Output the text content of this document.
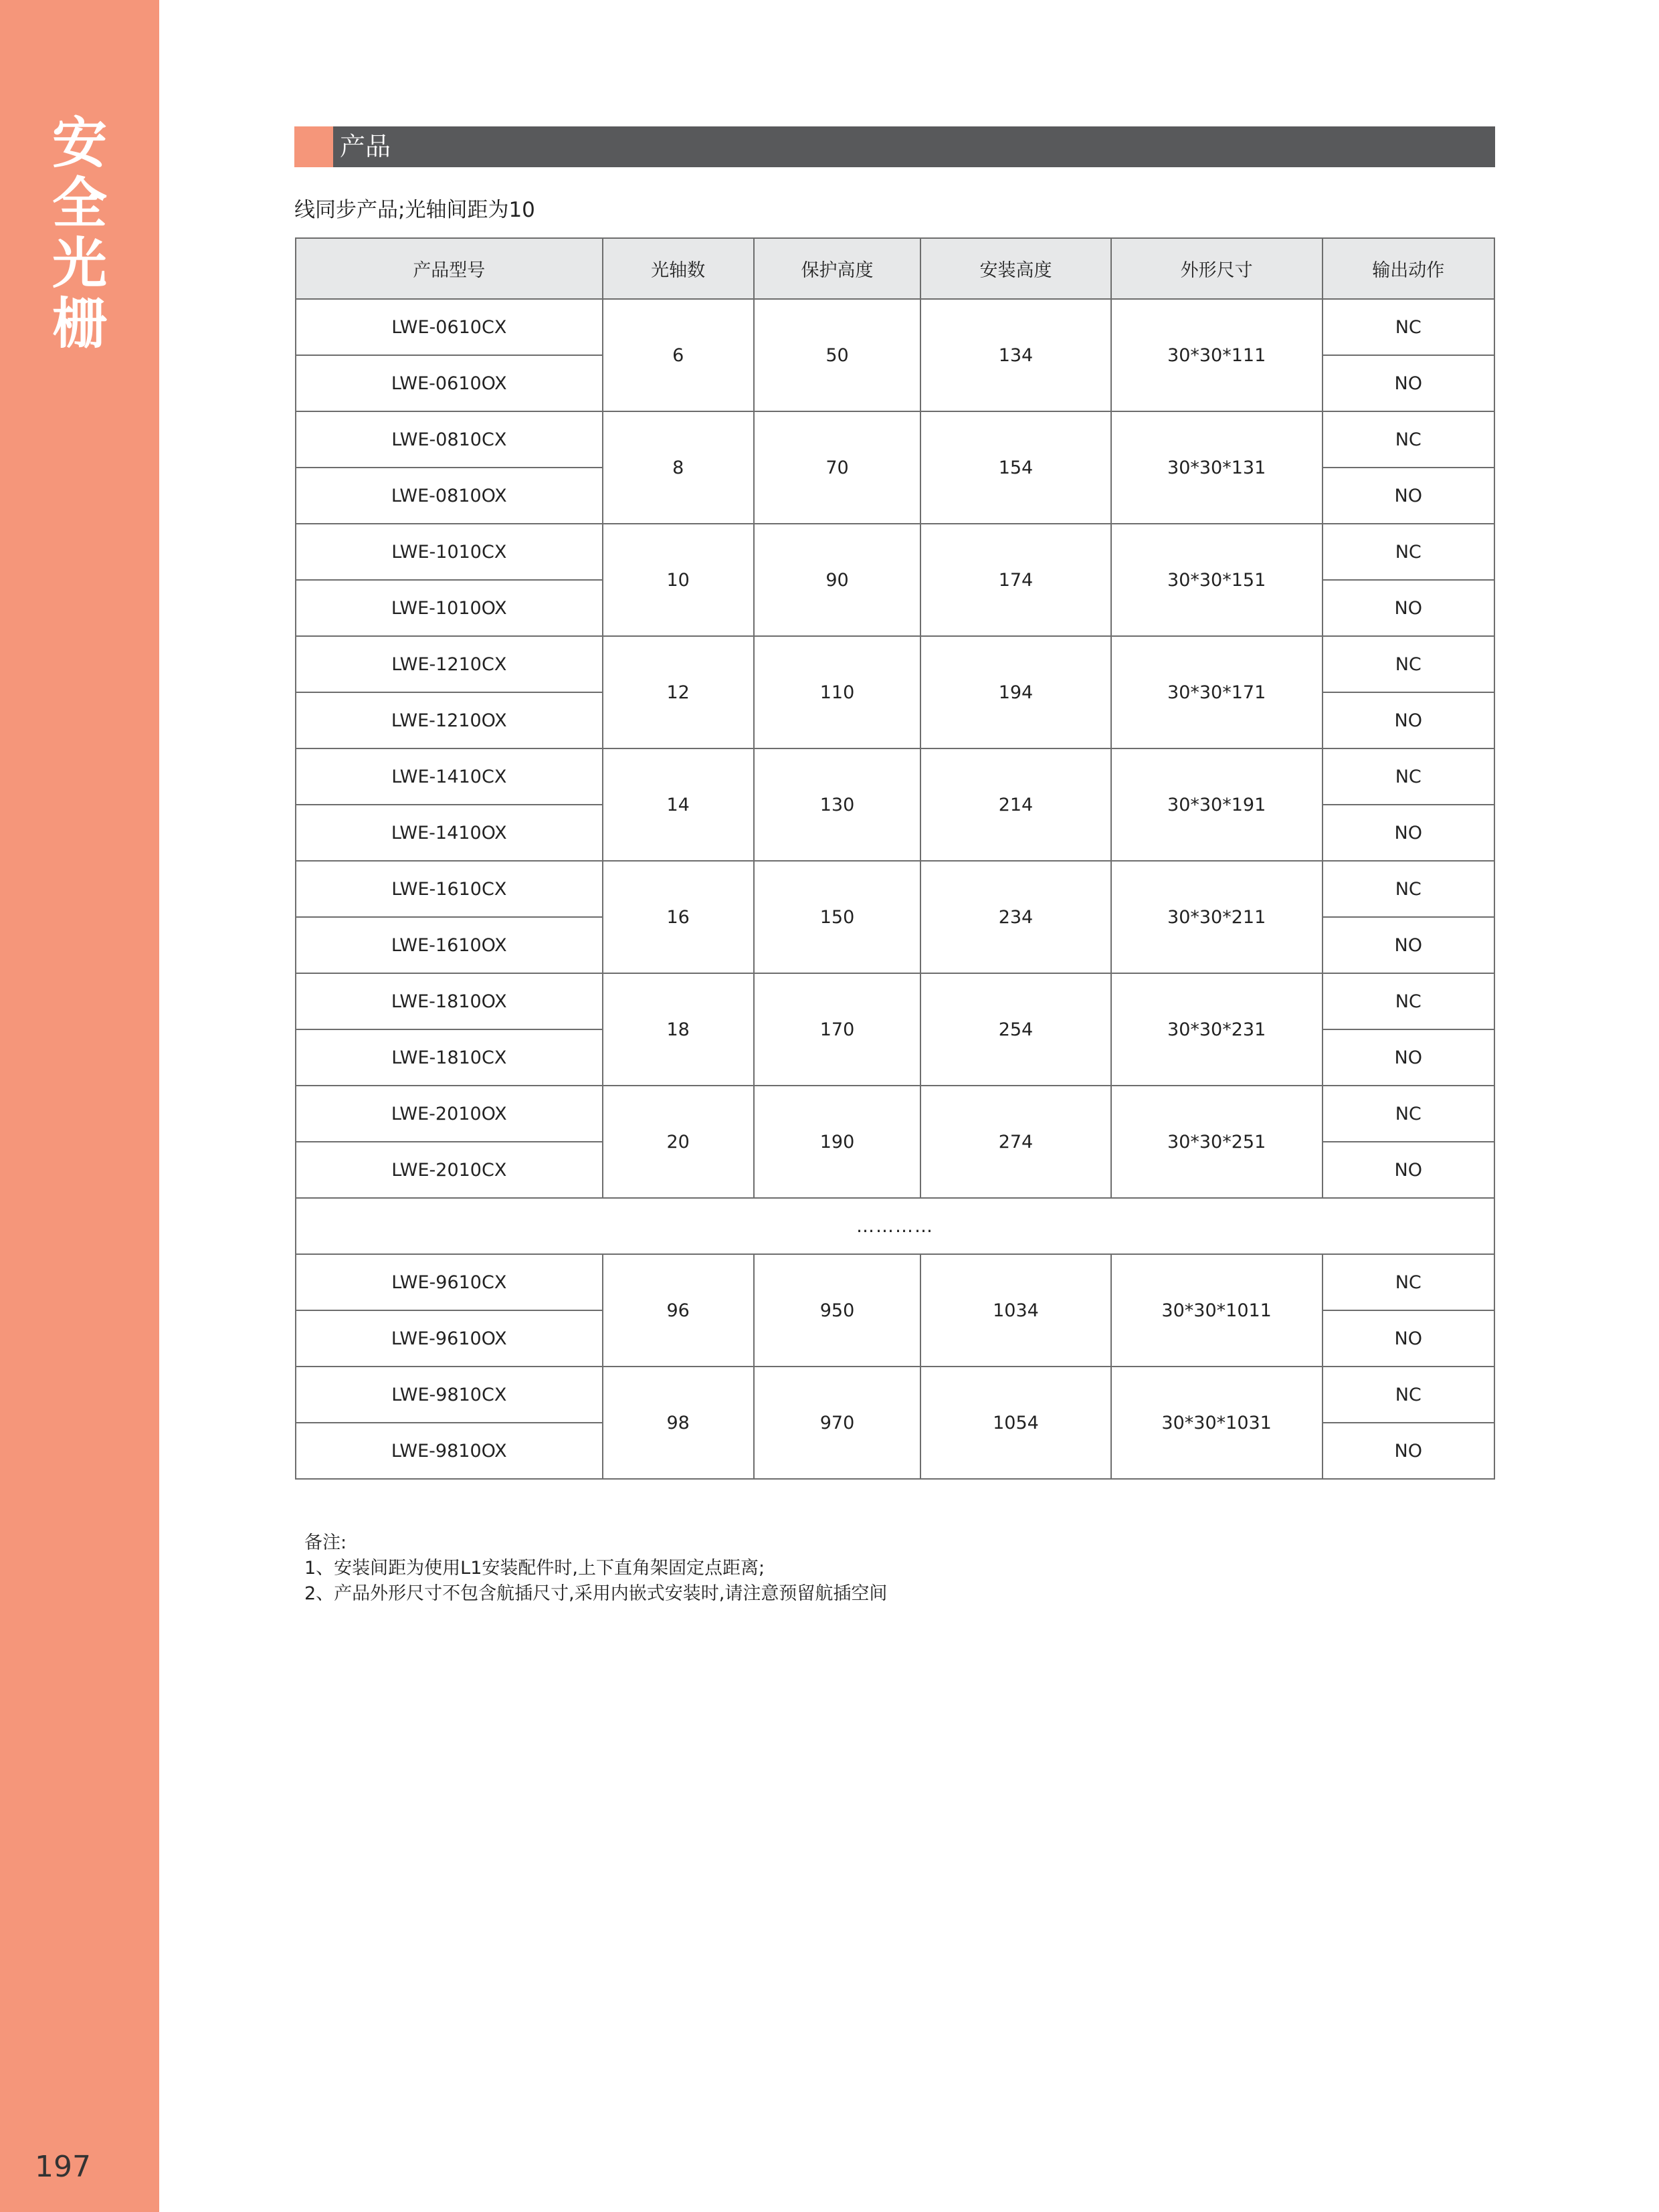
安
全
光
栅
197
产品
线同步产品;光轴间距为10
产品型号	光轴数	保护高度	安装高度	外形尺寸	输出动作
LWE-0610CX	6	50	134	30*30*111	NC
LWE-0610OX					NO
LWE-0810CX	8	70	154	30*30*131	NC
LWE-0810OX					NO
LWE-1010CX	10	90	174	30*30*151	NC
LWE-1010OX					NO
LWE-1210CX	12	110	194	30*30*171	NC
LWE-1210OX					NO
LWE-1410CX	14	130	214	30*30*191	NC
LWE-1410OX					NO
LWE-1610CX	16	150	234	30*30*211	NC
LWE-1610OX					NO
LWE-1810OX	18	170	254	30*30*231	NC
LWE-1810CX					NO
LWE-2010OX	20	190	274	30*30*251	NC
LWE-2010CX					NO
…………					
LWE-9610CX	96	950	1034	30*30*1011	NC
LWE-9610OX					NO
LWE-9810CX	98	970	1054	30*30*1031	NC
LWE-9810OX					NO
备注:
1、安装间距为使用L1安装配件时,上下直角架固定点距离;
2、产品外形尺寸不包含航插尺寸,采用内嵌式安装时,请注意预留航插空间
